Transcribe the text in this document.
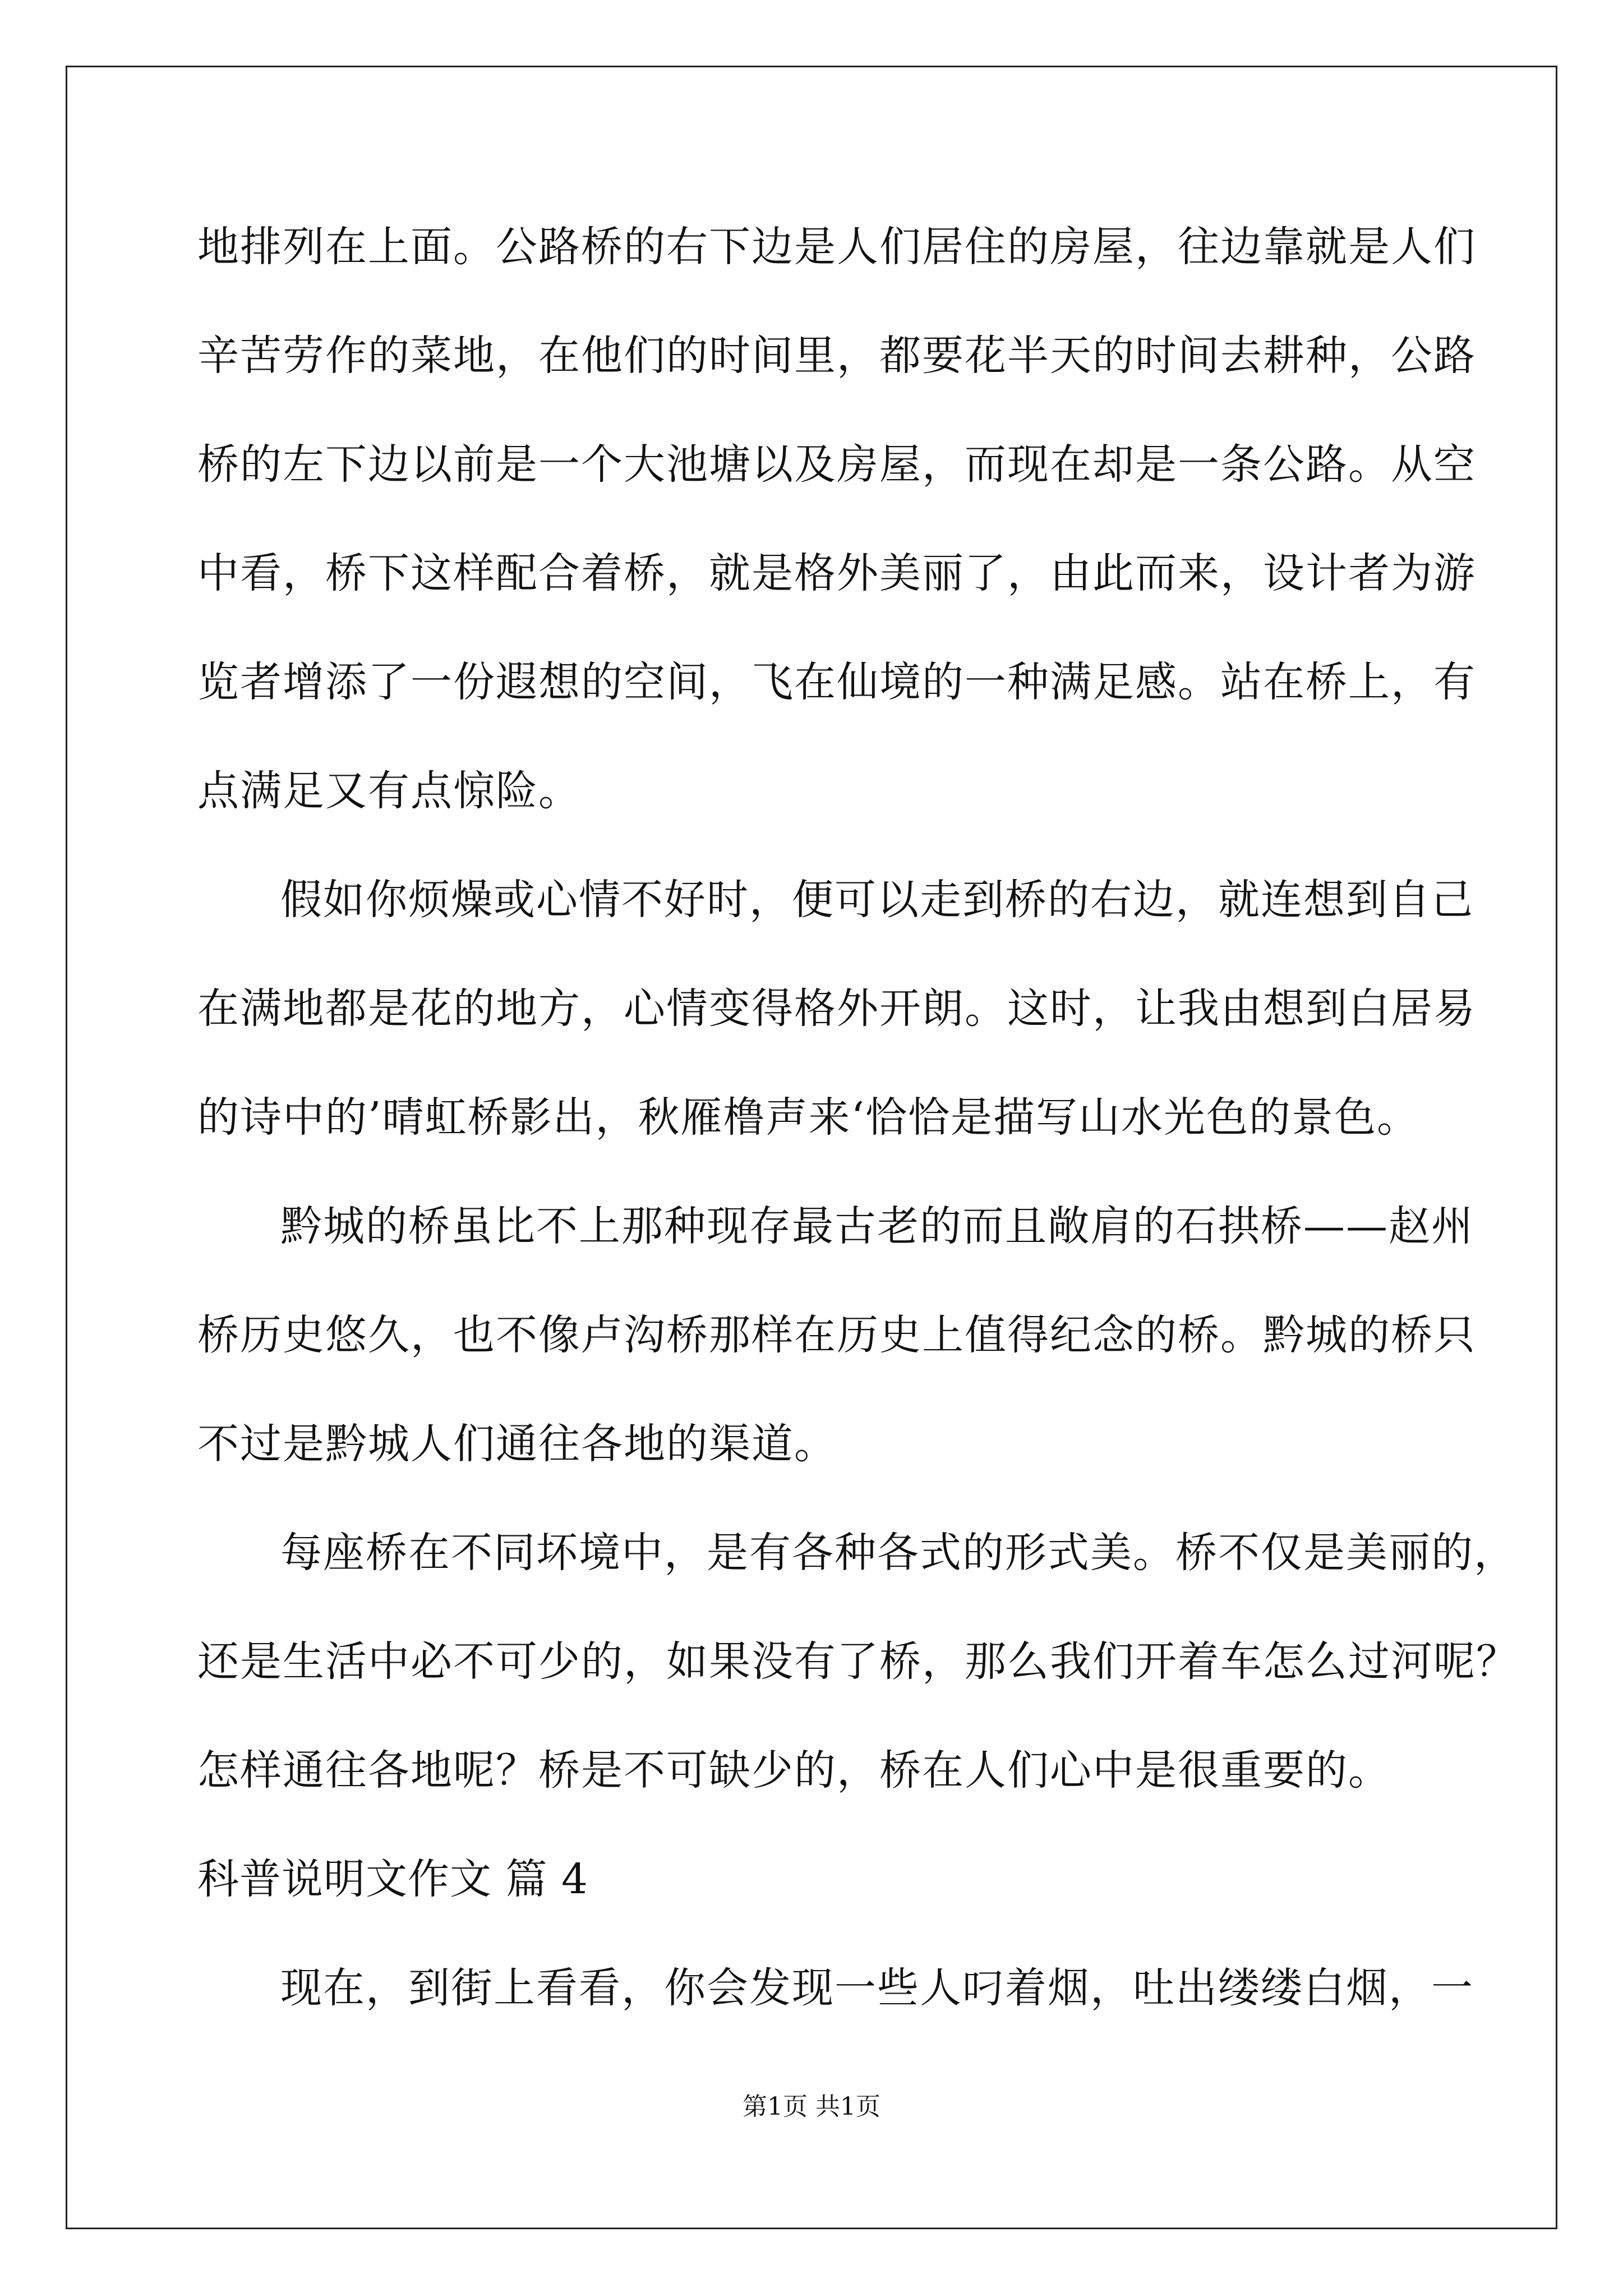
地排列在上面。公路桥的右下边是人们居住的房屋，往边靠就是人们
辛苦劳作的菜地，在他们的时间里，都要花半天的时间去耕种，公路
桥的左下边以前是一个大池塘以及房屋，而现在却是一条公路。从空
中看，桥下这样配合着桥，就是格外美丽了，由此而来，设计者为游
览者增添了一份遐想的空间，飞在仙境的一种满足感。站在桥上，有
点满足又有点惊险。
假如你烦燥或心情不好时，便可以走到桥的右边，就连想到自己
在满地都是花的地方，心情变得格外开朗。这时，让我由想到白居易
的诗中的’晴虹桥影出，秋雁橹声来‘恰恰是描写山水光色的景色。
黔城的桥虽比不上那种现存最古老的而且敞肩的石拱桥——赵州
桥历史悠久，也不像卢沟桥那样在历史上值得纪念的桥。黔城的桥只
不过是黔城人们通往各地的渠道。
每座桥在不同坏境中，是有各种各式的形式美。桥不仅是美丽的，
还是生活中必不可少的，如果没有了桥，那么我们开着车怎么过河呢？
怎样通往各地呢？桥是不可缺少的，桥在人们心中是很重要的。
科普说明文作文 篇 4
现在，到街上看看，你会发现一些人叼着烟，吐出缕缕白烟，一
第1页 共1页
